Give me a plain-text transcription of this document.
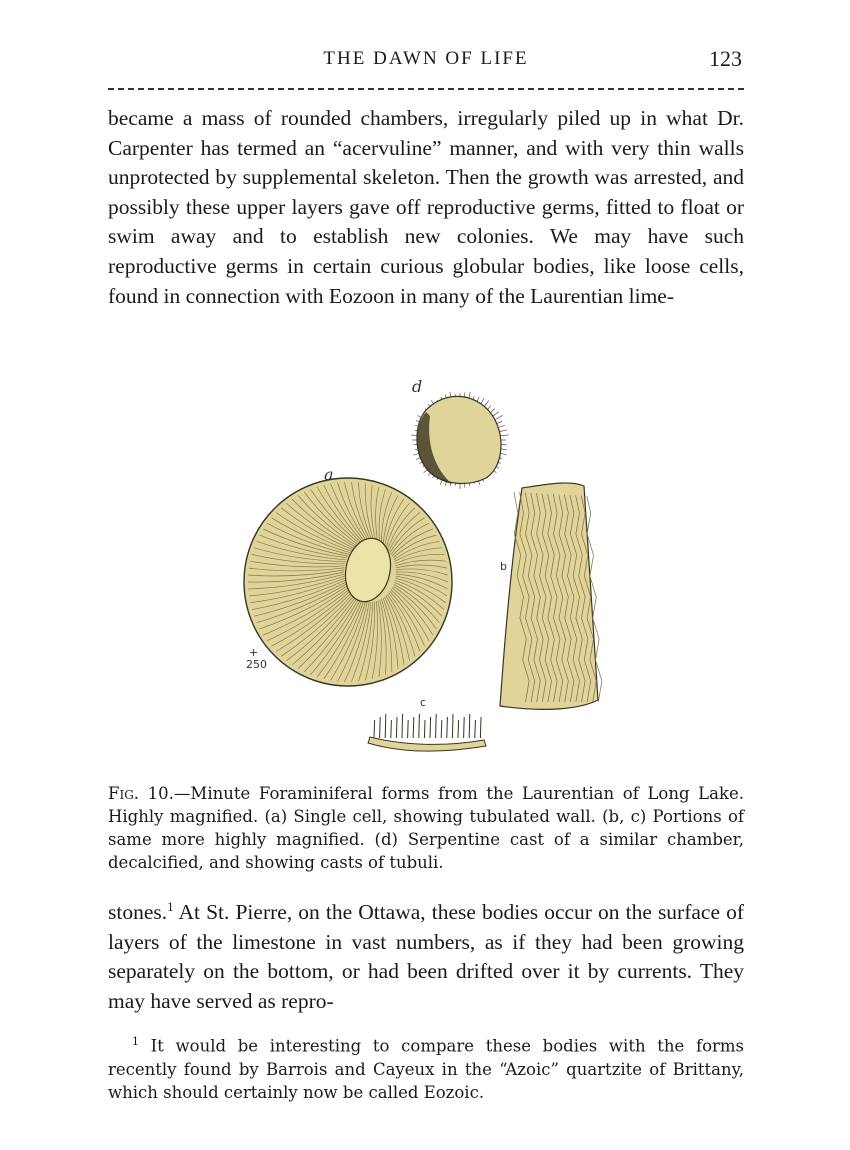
THE DAWN OF LIFE	123

became a mass of rounded chambers, irregularly piled up in what Dr. Carpenter has termed an “acervuline” manner, and with very thin walls unprotected by supplemental skeleton. Then the growth was arrested, and possibly these upper layers gave off reproductive germs, fitted to float or swim away and to establish new colonies. We may have such reproductive germs in certain curious globular bodies, like loose cells, found in connection with Eozoon in many of the Laurentian lime-

d
a
+
250
b
c
Fig. 10.—Minute Foraminiferal forms from the Laurentian of Long Lake. Highly magnified. (a) Single cell, showing tubulated wall. (b, c) Portions of same more highly magnified. (d) Serpentine cast of a similar chamber, decalcified, and showing casts of tubuli.

stones.$^1$ At St. Pierre, on the Ottawa, these bodies occur on the surface of layers of the limestone in vast numbers, as if they had been growing separately on the bottom, or had been drifted over it by currents. They may have served as repro-

$^1$ It would be interesting to compare these bodies with the forms recently found by Barrois and Cayeux in the “Azoic” quartzite of Brittany, which should certainly now be called Eozoic.
